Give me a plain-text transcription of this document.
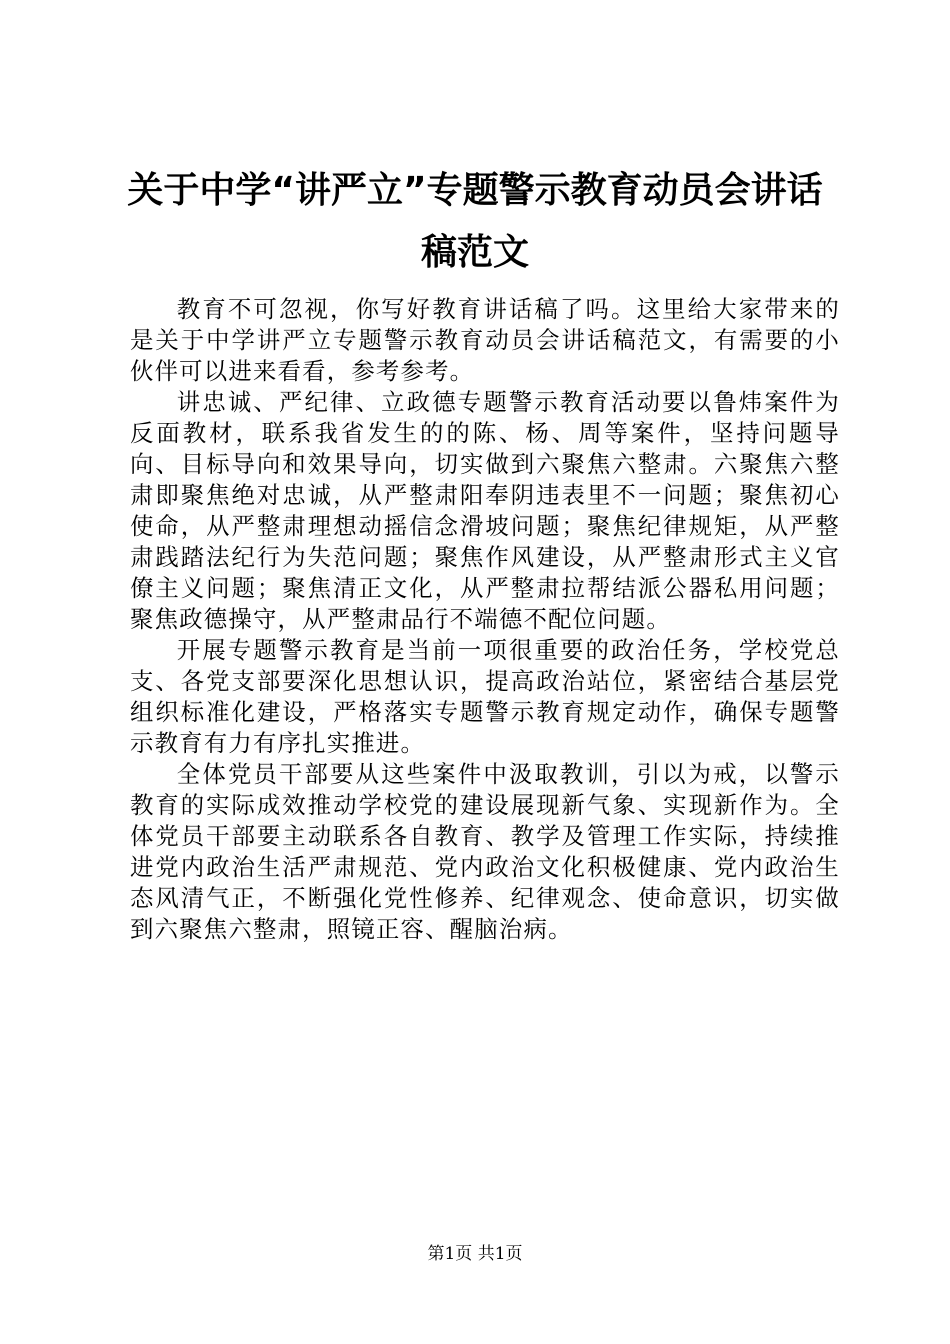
关于中学“讲严立”专题警示教育动员会讲话稿范文

教育不可忽视，你写好教育讲话稿了吗。这里给大家带来的是关于中学讲严立专题警示教育动员会讲话稿范文，有需要的小伙伴可以进来看看，参考参考。

讲忠诚、严纪律、立政德专题警示教育活动要以鲁炜案件为反面教材，联系我省发生的的陈、杨、周等案件，坚持问题导向、目标导向和效果导向，切实做到六聚焦六整肃。六聚焦六整肃即聚焦绝对忠诚，从严整肃阳奉阴违表里不一问题；聚焦初心使命，从严整肃理想动摇信念滑坡问题；聚焦纪律规矩，从严整肃践踏法纪行为失范问题；聚焦作风建设，从严整肃形式主义官僚主义问题；聚焦清正文化，从严整肃拉帮结派公器私用问题；聚焦政德操守，从严整肃品行不端德不配位问题。

开展专题警示教育是当前一项很重要的政治任务，学校党总支、各党支部要深化思想认识，提高政治站位，紧密结合基层党组织标准化建设，严格落实专题警示教育规定动作，确保专题警示教育有力有序扎实推进。

全体党员干部要从这些案件中汲取教训，引以为戒，以警示教育的实际成效推动学校党的建设展现新气象、实现新作为。全体党员干部要主动联系各自教育、教学及管理工作实际，持续推进党内政治生活严肃规范、党内政治文化积极健康、党内政治生态风清气正，不断强化党性修养、纪律观念、使命意识，切实做到六聚焦六整肃，照镜正容、醒脑治病。

第1页 共1页
